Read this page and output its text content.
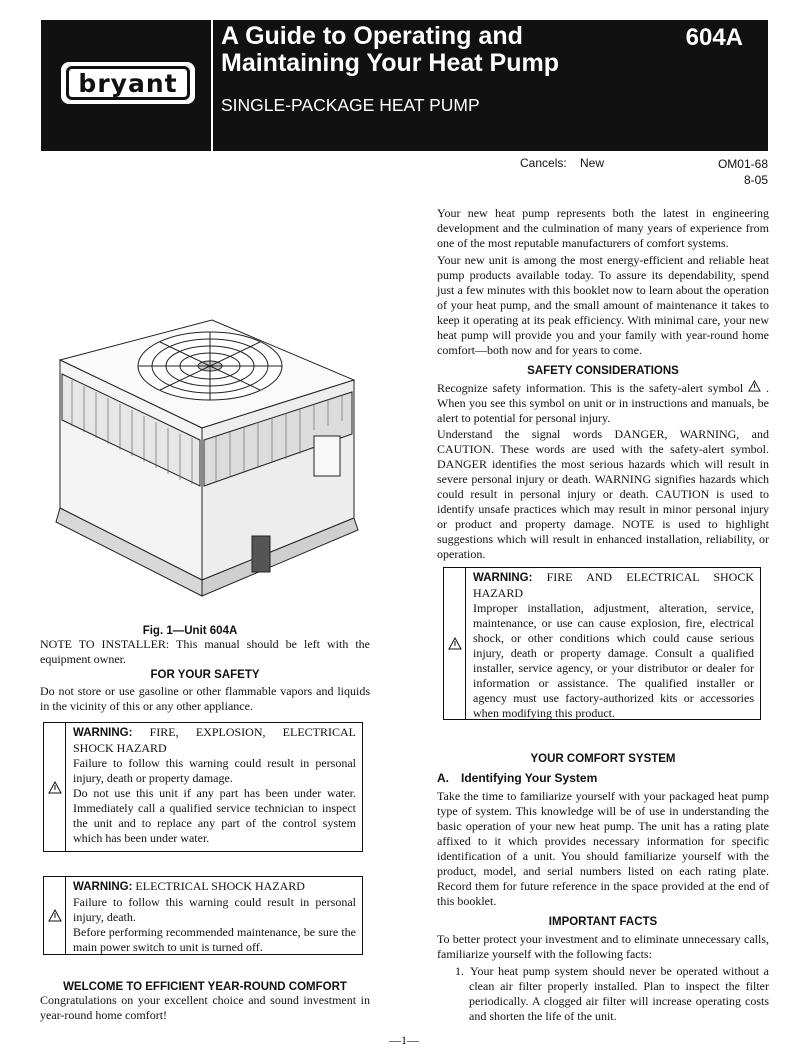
bryant
A Guide to Operating and Maintaining Your Heat Pump
604A
SINGLE-PACKAGE HEAT PUMP
Cancels: New	OM01-68
8-05
Fig. 1—Unit 604A
NOTE TO INSTALLER: This manual should be left with the equipment owner.
FOR YOUR SAFETY
Do not store or use gasoline or other flammable vapors and liquids in the vicinity of this or any other appliance.
WARNING: FIRE, EXPLOSION, ELECTRICAL SHOCK HAZARD
Failure to follow this warning could result in personal injury, death or property damage.
Do not use this unit if any part has been under water. Immediately call a qualified service technician to inspect the unit and to replace any part of the control system which has been under water.
WARNING: ELECTRICAL SHOCK HAZARD
Failure to follow this warning could result in personal injury, death.
Before performing recommended maintenance, be sure the main power switch to unit is turned off.
WELCOME TO EFFICIENT YEAR-ROUND COMFORT
Congratulations on your excellent choice and sound investment in year-round home comfort!
Your new heat pump represents both the latest in engineering development and the culmination of many years of experience from one of the most reputable manufacturers of comfort systems.
Your new unit is among the most energy-efficient and reliable heat pump products available today. To assure its dependability, spend just a few minutes with this booklet now to learn about the operation of your heat pump, and the small amount of maintenance it takes to keep it operating at its peak efficiency. With minimal care, your new heat pump will provide you and your family with year-round home comfort—both now and for years to come.
SAFETY CONSIDERATIONS
Recognize safety information. This is the safety-alert symbol . When you see this symbol on unit or in instructions and manuals, be alert to potential for personal injury.
Understand the signal words DANGER, WARNING, and CAUTION. These words are used with the safety-alert symbol. DANGER identifies the most serious hazards which will result in severe personal injury or death. WARNING signifies hazards which could result in personal injury or death. CAUTION is used to identify unsafe practices which may result in minor personal injury or product and property damage. NOTE is used to highlight suggestions which will result in enhanced installation, reliability, or operation.
WARNING: FIRE AND ELECTRICAL SHOCK HAZARD
Improper installation, adjustment, alteration, service, maintenance, or use can cause explosion, fire, electrical shock, or other conditions which could cause serious injury, death or property damage. Consult a qualified installer, service agency, or your distributor or dealer for information or assistance. The qualified installer or agency must use factory-authorized kits or accessories when modifying this product.
YOUR COMFORT SYSTEM
A. Identifying Your System
Take the time to familiarize yourself with your packaged heat pump type of system. This knowledge will be of use in understanding the basic operation of your new heat pump. The unit has a rating plate affixed to it which provides necessary information for specific identification of a unit. You should familiarize yourself with the product, model, and serial numbers listed on each rating plate. Record them for future reference in the space provided at the end of this booklet.
IMPORTANT FACTS
To better protect your investment and to eliminate unnecessary calls, familiarize yourself with the following facts:
1. Your heat pump system should never be operated without a clean air filter properly installed. Plan to inspect the filter periodically. A clogged air filter will increase operating costs and shorten the life of the unit.
—1—
